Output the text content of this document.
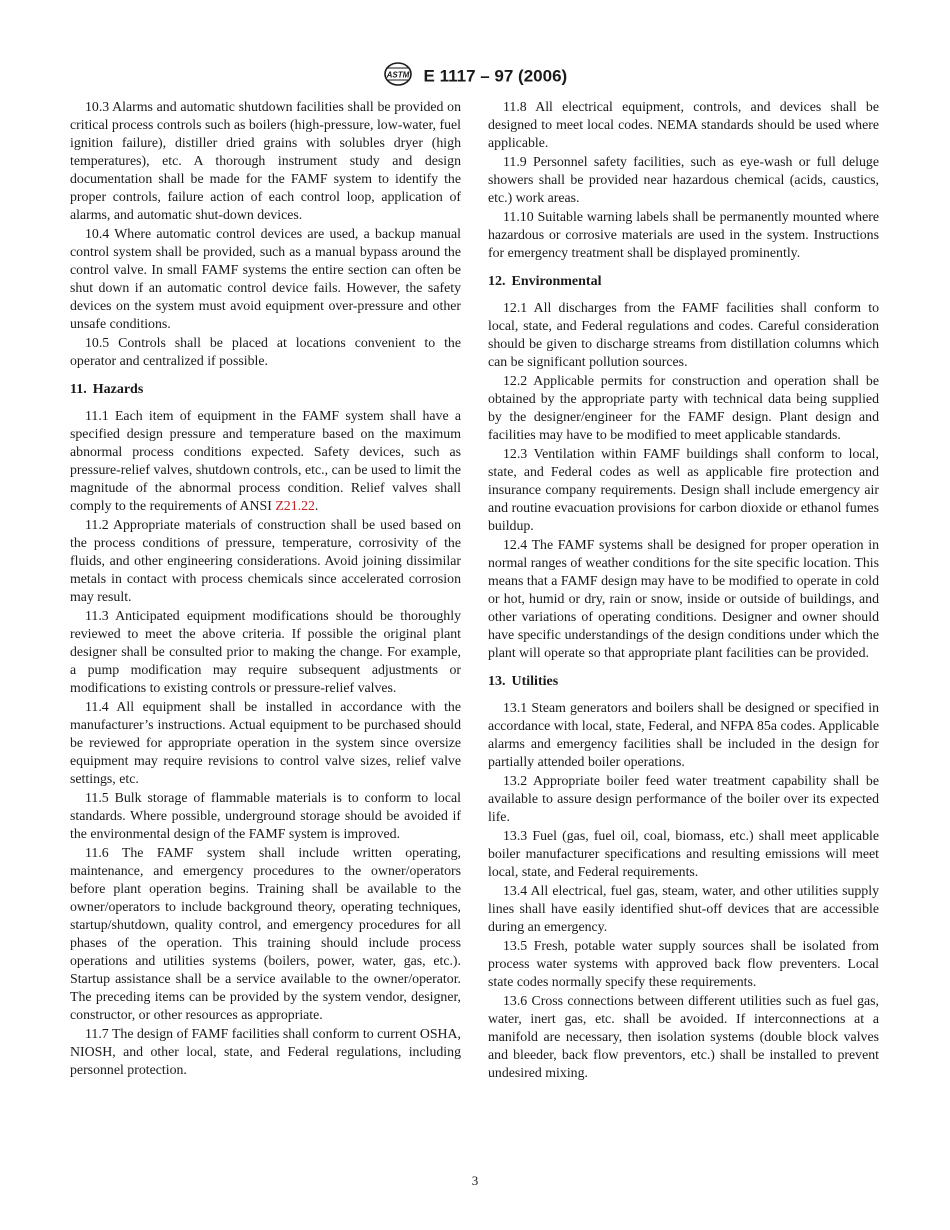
ASTM E 1117 – 97 (2006)

10.3 Alarms and automatic shutdown facilities shall be provided on critical process controls such as boilers (high-pressure, low-water, fuel ignition failure), distiller dried grains with solubles dryer (high temperatures), etc. A thorough instrument study and design documentation shall be made for the FAMF system to identify the proper controls, failure action of each control loop, application of alarms, and automatic shut-down devices.

10.4 Where automatic control devices are used, a backup manual control system shall be provided, such as a manual bypass around the control valve. In small FAMF systems the entire section can often be shut down if an automatic control device fails. However, the safety devices on the system must avoid equipment over-pressure and other unsafe conditions.

10.5 Controls shall be placed at locations convenient to the operator and centralized if possible.

11. Hazards

11.1 Each item of equipment in the FAMF system shall have a specified design pressure and temperature based on the maximum abnormal process conditions expected. Safety devices, such as pressure-relief valves, shutdown controls, etc., can be used to limit the magnitude of the abnormal process condition. Relief valves shall comply to the requirements of ANSI Z21.22.

11.2 Appropriate materials of construction shall be used based on the process conditions of pressure, temperature, corrosivity of the fluids, and other engineering considerations. Avoid joining dissimilar metals in contact with process chemicals since accelerated corrosion may result.

11.3 Anticipated equipment modifications should be thoroughly reviewed to meet the above criteria. If possible the original plant designer shall be consulted prior to making the change. For example, a pump modification may require subsequent adjustments or modifications to existing controls or pressure-relief valves.

11.4 All equipment shall be installed in accordance with the manufacturer’s instructions. Actual equipment to be purchased should be reviewed for appropriate operation in the system since oversize equipment may require revisions to control valve sizes, relief valve settings, etc.

11.5 Bulk storage of flammable materials is to conform to local standards. Where possible, underground storage should be avoided if the environmental design of the FAMF system is improved.

11.6 The FAMF system shall include written operating, maintenance, and emergency procedures to the owner/operators before plant operation begins. Training shall be available to the owner/operators to include background theory, operating techniques, startup/shutdown, quality control, and emergency procedures for all phases of the operation. This training should include process operations and utilities systems (boilers, power, water, gas, etc.). Startup assistance shall be a service available to the owner/operator. The preceding items can be provided by the system vendor, designer, constructor, or other resources as appropriate.

11.7 The design of FAMF facilities shall conform to current OSHA, NIOSH, and other local, state, and Federal regulations, including personnel protection.

11.8 All electrical equipment, controls, and devices shall be designed to meet local codes. NEMA standards should be used where applicable.

11.9 Personnel safety facilities, such as eye-wash or full deluge showers shall be provided near hazardous chemical (acids, caustics, etc.) work areas.

11.10 Suitable warning labels shall be permanently mounted where hazardous or corrosive materials are used in the system. Instructions for emergency treatment shall be displayed prominently.

12. Environmental

12.1 All discharges from the FAMF facilities shall conform to local, state, and Federal regulations and codes. Careful consideration should be given to discharge streams from distillation columns which can be significant pollution sources.

12.2 Applicable permits for construction and operation shall be obtained by the appropriate party with technical data being supplied by the designer/engineer for the FAMF design. Plant design and facilities may have to be modified to meet applicable standards.

12.3 Ventilation within FAMF buildings shall conform to local, state, and Federal codes as well as applicable fire protection and insurance company requirements. Design shall include emergency air and routine evacuation provisions for carbon dioxide or ethanol fumes buildup.

12.4 The FAMF systems shall be designed for proper operation in normal ranges of weather conditions for the site specific location. This means that a FAMF design may have to be modified to operate in cold or hot, humid or dry, rain or snow, inside or outside of buildings, and other variations of operating conditions. Designer and owner should have specific understandings of the design conditions under which the plant will operate so that appropriate plant facilities can be provided.

13. Utilities

13.1 Steam generators and boilers shall be designed or specified in accordance with local, state, Federal, and NFPA 85a codes. Applicable alarms and emergency facilities shall be included in the design for partially attended boiler operations.

13.2 Appropriate boiler feed water treatment capability shall be available to assure design performance of the boiler over its expected life.

13.3 Fuel (gas, fuel oil, coal, biomass, etc.) shall meet applicable boiler manufacturer specifications and resulting emissions will meet local, state, and Federal requirements.

13.4 All electrical, fuel gas, steam, water, and other utilities supply lines shall have easily identified shut-off devices that are accessible during an emergency.

13.5 Fresh, potable water supply sources shall be isolated from process water systems with approved back flow preventers. Local state codes normally specify these requirements.

13.6 Cross connections between different utilities such as fuel gas, water, inert gas, etc. shall be avoided. If interconnections at a manifold are necessary, then isolation systems (double block valves and bleeder, back flow preventors, etc.) shall be installed to prevent undesired mixing.

3
